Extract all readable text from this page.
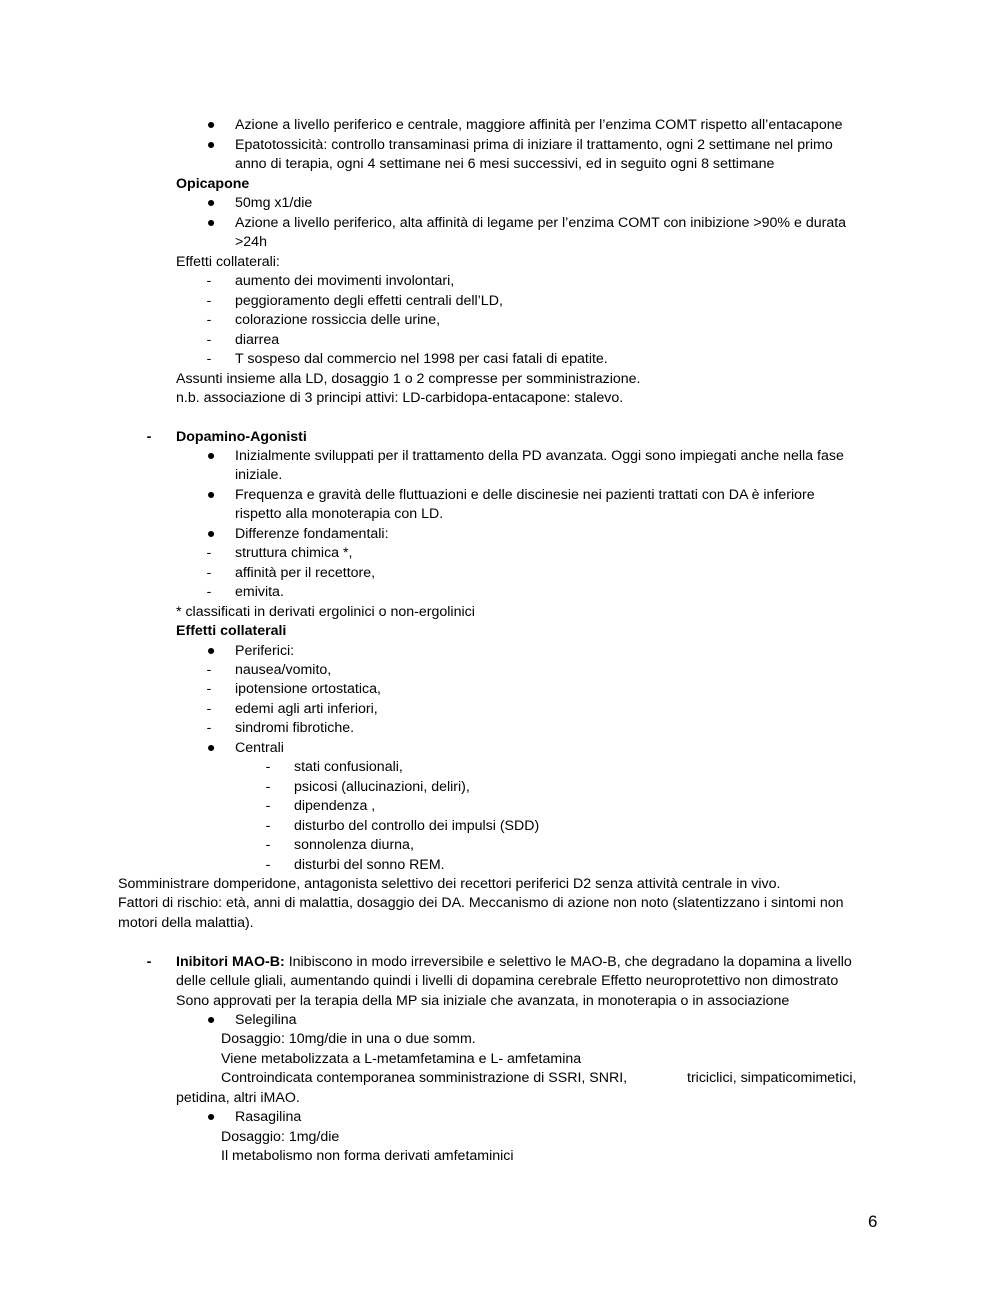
●	Azione a livello periferico e centrale, maggiore affinità per l’enzima COMT rispetto all’entacapone
●	Epatotossicità: controllo transaminasi prima di iniziare il trattamento, ogni 2 settimane nel primo
anno di terapia, ogni 4 settimane nei 6 mesi successivi, ed in seguito ogni 8 settimane
Opicapone
●	50mg x1/die
●	Azione a livello periferico, alta affinità di legame per l’enzima COMT con inibizione >90% e durata
>24h
Effetti collaterali:
-	aumento dei movimenti involontari,
-	peggioramento degli effetti centrali dell’LD,
-	colorazione rossiccia delle urine,
-	diarrea
-	T sospeso dal commercio nel 1998 per casi fatali di epatite.
Assunti insieme alla LD, dosaggio 1 o 2 compresse per somministrazione.
n.b. associazione di 3 principi attivi: LD-carbidopa-entacapone: stalevo.
-	Dopamino-Agonisti
●	Inizialmente sviluppati per il trattamento della PD avanzata. Oggi sono impiegati anche nella fase
iniziale.
●	Frequenza e gravità delle fluttuazioni e delle discinesie nei pazienti trattati con DA è inferiore
rispetto alla monoterapia con LD.
●	Differenze fondamentali:
-	struttura chimica *,
-	affinità per il recettore,
-	emivita.
* classificati in derivati ergolinici o non-ergolinici
Effetti collaterali
●	Periferici:
-	nausea/vomito,
-	ipotensione ortostatica,
-	edemi agli arti inferiori,
-	sindromi fibrotiche.
●	Centrali
-	stati confusionali,
-	psicosi (allucinazioni, deliri),
-	dipendenza ,
-	disturbo del controllo dei impulsi (SDD)
-	sonnolenza diurna,
-	disturbi del sonno REM.
Somministrare domperidone, antagonista selettivo dei recettori periferici D2 senza attività centrale in vivo.
Fattori di rischio: età, anni di malattia, dosaggio dei DA. Meccanismo di azione non noto (slatentizzano i sintomi non
motori della malattia).
-	Inibitori MAO-B: Inibiscono in modo irreversibile e selettivo le MAO-B, che degradano la dopamina a livello
delle cellule gliali, aumentando quindi i livelli di dopamina cerebrale Effetto neuroprotettivo non dimostrato
Sono approvati per la terapia della MP sia iniziale che avanzata, in monoterapia o in associazione
●	Selegilina
Dosaggio: 10mg/die in una o due somm.
Viene metabolizzata a L-metamfetamina e L- amfetamina
Controindicata contemporanea somministrazione di SSRI, SNRI,	triciclici, simpaticomimetici,
petidina, altri iMAO.
●	Rasagilina
Dosaggio: 1mg/die
Il metabolismo non forma derivati amfetaminici
6
